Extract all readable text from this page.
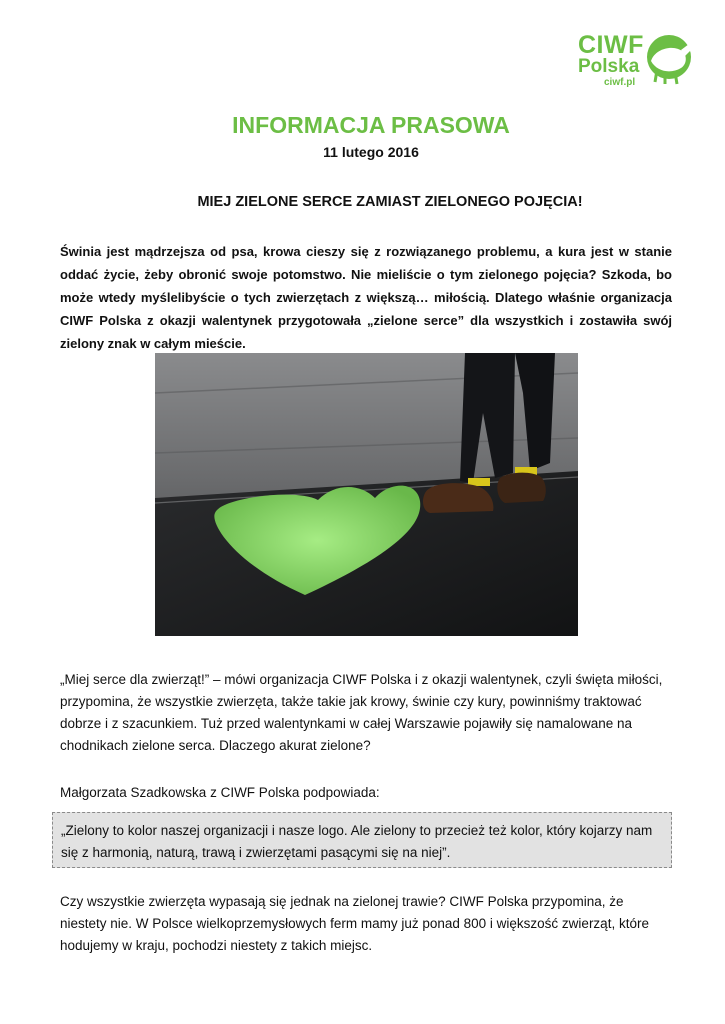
CIWF
Polska
ciwf.pl
INFORMACJA PRASOWA
11 lutego 2016
MIEJ ZIELONE SERCE ZAMIAST ZIELONEGO POJĘCIA!

Świnia jest mądrzejsza od psa, krowa cieszy się z rozwiązanego problemu, a kura jest w stanie oddać życie, żeby obronić swoje potomstwo. Nie mieliście o tym zielonego pojęcia? Szkoda, bo może wtedy myślelibyście o tych zwierzętach z większą… miłością. Dlatego właśnie organizacja CIWF Polska z okazji walentynek przygotowała „zielone serce” dla wszystkich i zostawiła swój zielony znak w całym mieście.

„Miej serce dla zwierząt!” – mówi organizacja CIWF Polska i z okazji walentynek, czyli święta miłości, przypomina, że wszystkie zwierzęta, także takie jak krowy, świnie czy kury, powinniśmy traktować dobrze i z szacunkiem. Tuż przed walentynkami w całej Warszawie pojawiły się namalowane na chodnikach zielone serca. Dlaczego akurat zielone?

Małgorzata Szadkowska z CIWF Polska podpowiada:

„Zielony to kolor naszej organizacji i nasze logo. Ale zielony to przecież też kolor, który kojarzy nam się z harmonią, naturą, trawą i zwierzętami pasącymi się na niej”.

Czy wszystkie zwierzęta wypasają się jednak na zielonej trawie? CIWF Polska przypomina, że niestety nie. W Polsce wielkoprzemysłowych ferm mamy już ponad 800 i większość zwierząt, które hodujemy w kraju, pochodzi niestety z takich miejsc.
